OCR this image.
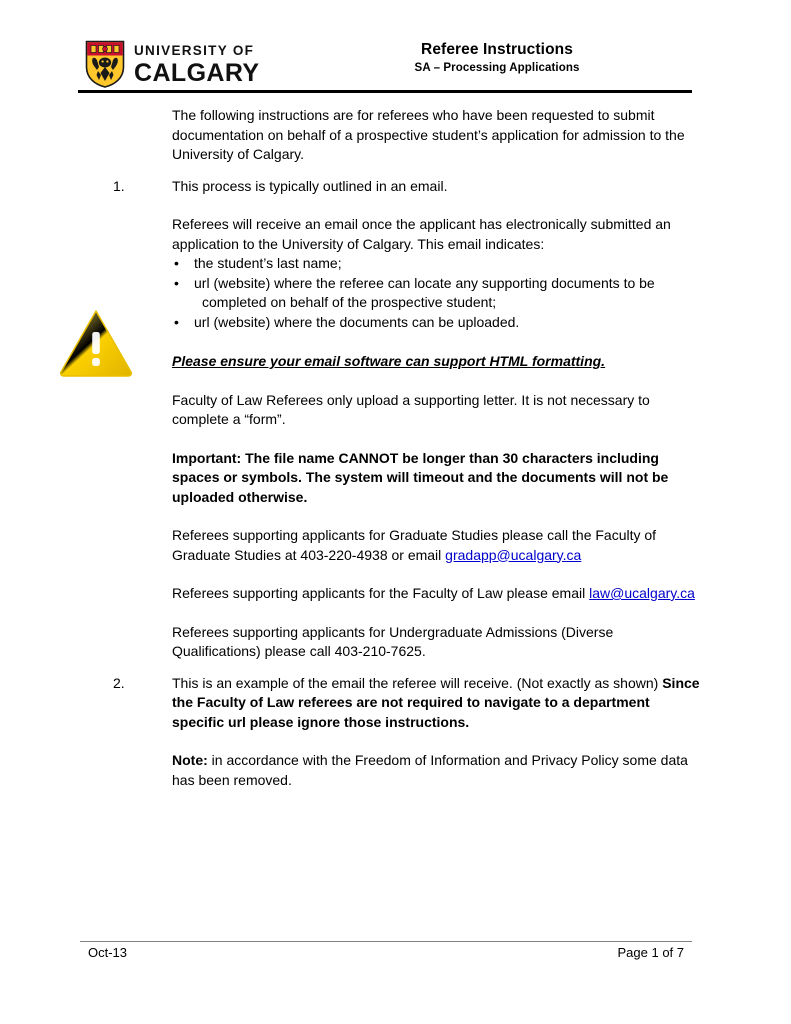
UNIVERSITY OF
CALGARY
Referee Instructions
SA – Processing Applications

The following instructions are for referees who have been requested to submit documentation on behalf of a prospective student’s application for admission to the University of Calgary.

1.	This process is typically outlined in an email.

Referees will receive an email once the applicant has electronically submitted an application to the University of Calgary. This email indicates:

• the student’s last name;
• url (website) where the referee can locate any supporting documents to be
completed on behalf of the prospective student;
• url (website) where the documents can be uploaded.

Please ensure your email software can support HTML formatting.

Faculty of Law Referees only upload a supporting letter. It is not necessary to complete a “form”.

Important: The file name CANNOT be longer than 30 characters including spaces or symbols. The system will timeout and the documents will not be uploaded otherwise.

Referees supporting applicants for Graduate Studies please call the Faculty of Graduate Studies at 403-220-4938 or email gradapp@ucalgary.ca

Referees supporting applicants for the Faculty of Law please email law@ucalgary.ca

Referees supporting applicants for Undergraduate Admissions (Diverse Qualifications) please call 403-210-7625.

2.	This is an example of the email the referee will receive. (Not exactly as shown) Since the Faculty of Law referees are not required to navigate to a department specific url please ignore those instructions.

Note: in accordance with the Freedom of Information and Privacy Policy some data has been removed.

Oct-13	Page 1 of 7
